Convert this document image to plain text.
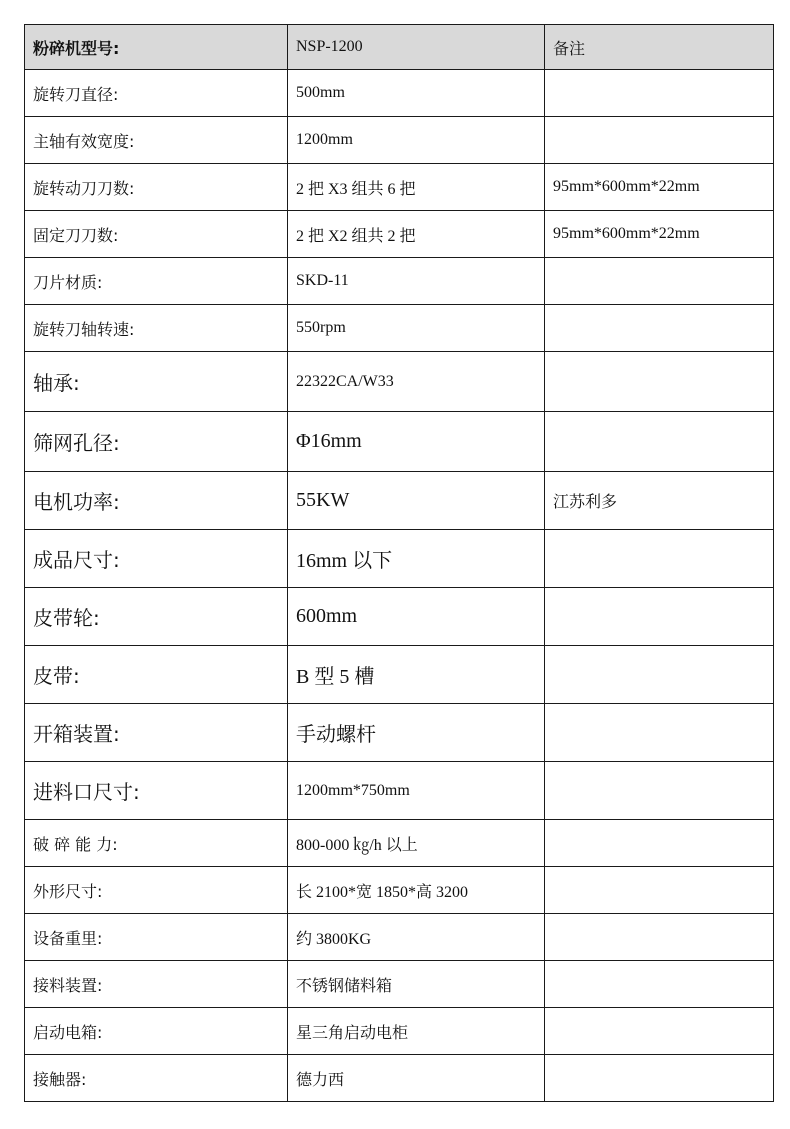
粉碎机型号:	NSP-1200	备注
旋转刀直径:	500mm	
主轴有效宽度:	1200mm	
旋转动刀刀数:	2 把 X3 组共 6 把	95mm*600mm*22mm
固定刀刀数:	2 把 X2 组共 2 把	95mm*600mm*22mm
刀片材质:	SKD-11	
旋转刀轴转速:	550rpm	
轴承:	22322CA/W33	
筛网孔径:	Φ16mm	
电机功率:	55KW	江苏利多
成品尺寸:	16mm 以下	
皮带轮:	600mm	
皮带:	B 型 5 槽	
开箱装置:	手动螺杆	
进料口尺寸:	1200mm*750mm	
破 碎 能 力:	800-000 ㎏/h 以上	
外形尺寸:	长 2100*宽 1850*高 3200	
设备重里:	约 3800KG	
接料装置:	不锈钢储料箱	
启动电箱:	星三角启动电柜	
接触器:	德力西	
